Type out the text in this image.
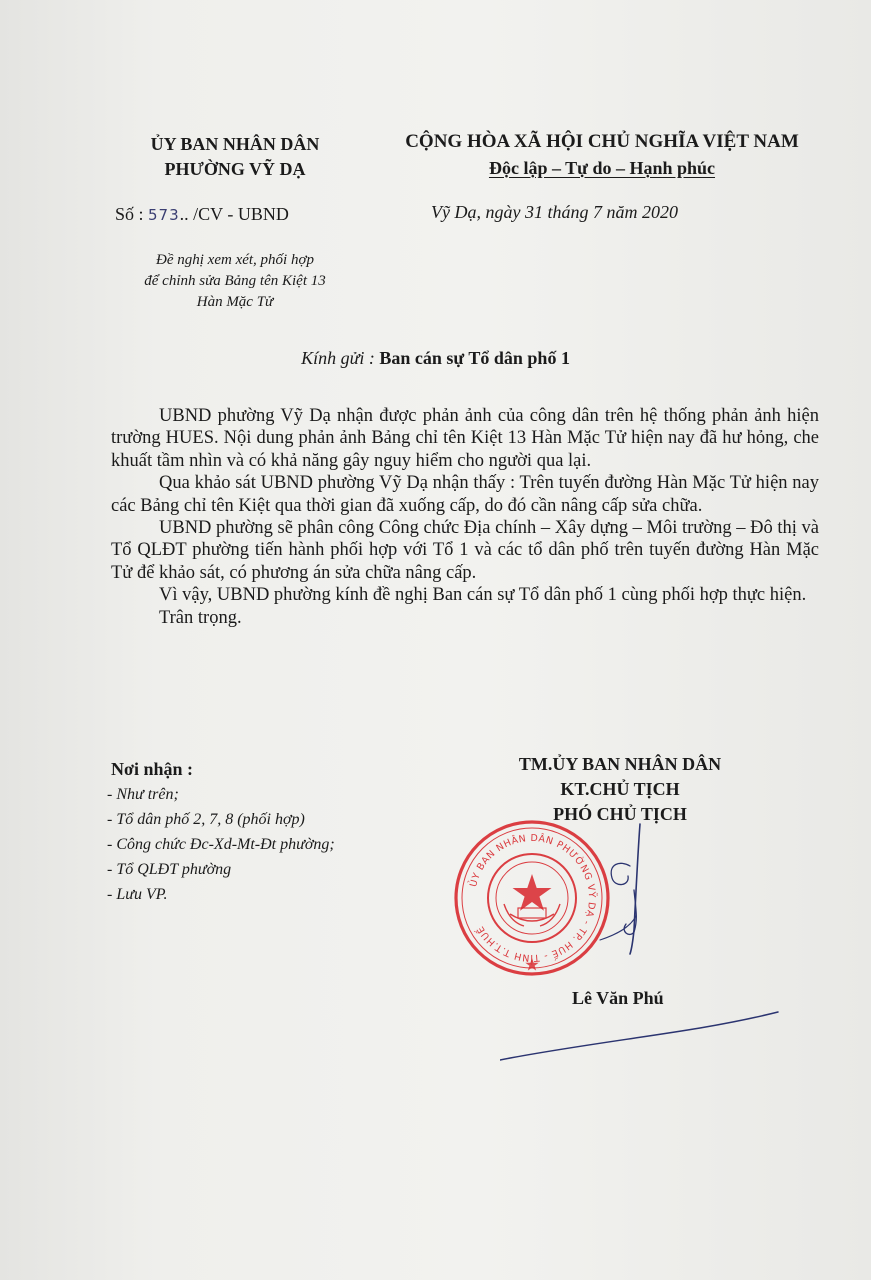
ỦY BAN NHÂN DÂN
PHƯỜNG VỸ DẠ
CỘNG HÒA XÃ HỘI CHỦ NGHĨA VIỆT NAM
Độc lập – Tự do – Hạnh phúc
Số : 573.. /CV - UBND	Vỹ Dạ, ngày 31 tháng 7 năm 2020
Đề nghị xem xét, phối hợp
để chỉnh sửa Bảng tên Kiệt 13
Hàn Mặc Tử
Kính gửi : Ban cán sự Tổ dân phố 1

UBND phường Vỹ Dạ nhận được phản ảnh của công dân trên hệ thống phản ảnh hiện trường HUES. Nội dung phản ảnh Bảng chỉ tên Kiệt 13 Hàn Mặc Tử hiện nay đã hư hỏng, che khuất tầm nhìn và có khả năng gây nguy hiểm cho người qua lại.

Qua khảo sát UBND phường Vỹ Dạ nhận thấy : Trên tuyến đường Hàn Mặc Tử hiện nay các Bảng chỉ tên Kiệt qua thời gian đã xuống cấp, do đó cần nâng cấp sửa chữa.

UBND phường sẽ phân công Công chức Địa chính – Xây dựng – Môi trường – Đô thị và Tổ QLĐT phường tiến hành phối hợp với Tổ 1 và các tổ dân phố trên tuyến đường Hàn Mặc Tử để khảo sát, có phương án sửa chữa nâng cấp.

Vì vậy, UBND phường kính đề nghị Ban cán sự Tổ dân phố 1 cùng phối hợp thực hiện.

Trân trọng.

Nơi nhận :
- Như trên;
- Tổ dân phố 2, 7, 8 (phối hợp)
- Công chức Đc-Xd-Mt-Đt phường;
- Tổ QLĐT phường
- Lưu VP.
TM.ỦY BAN NHÂN DÂN
KT.CHỦ TỊCH
PHÓ CHỦ TỊCH
ỦY BAN NHÂN DÂN PHƯỜNG VỸ DẠ - TP. HUẾ - TỈNH T.T.HUẾ
Lê Văn Phú
